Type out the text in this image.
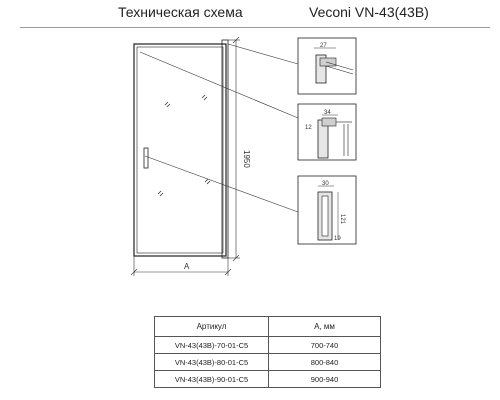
Техническая схема	Veconi VN-43(43B)
1950
A
27
34
12
30
121
19
Артикул	А, мм
VN-43(43B)-70-01-C5	700-740
VN-43(43B)-80-01-C5	800-840
VN-43(43B)-90-01-C5	900-940
